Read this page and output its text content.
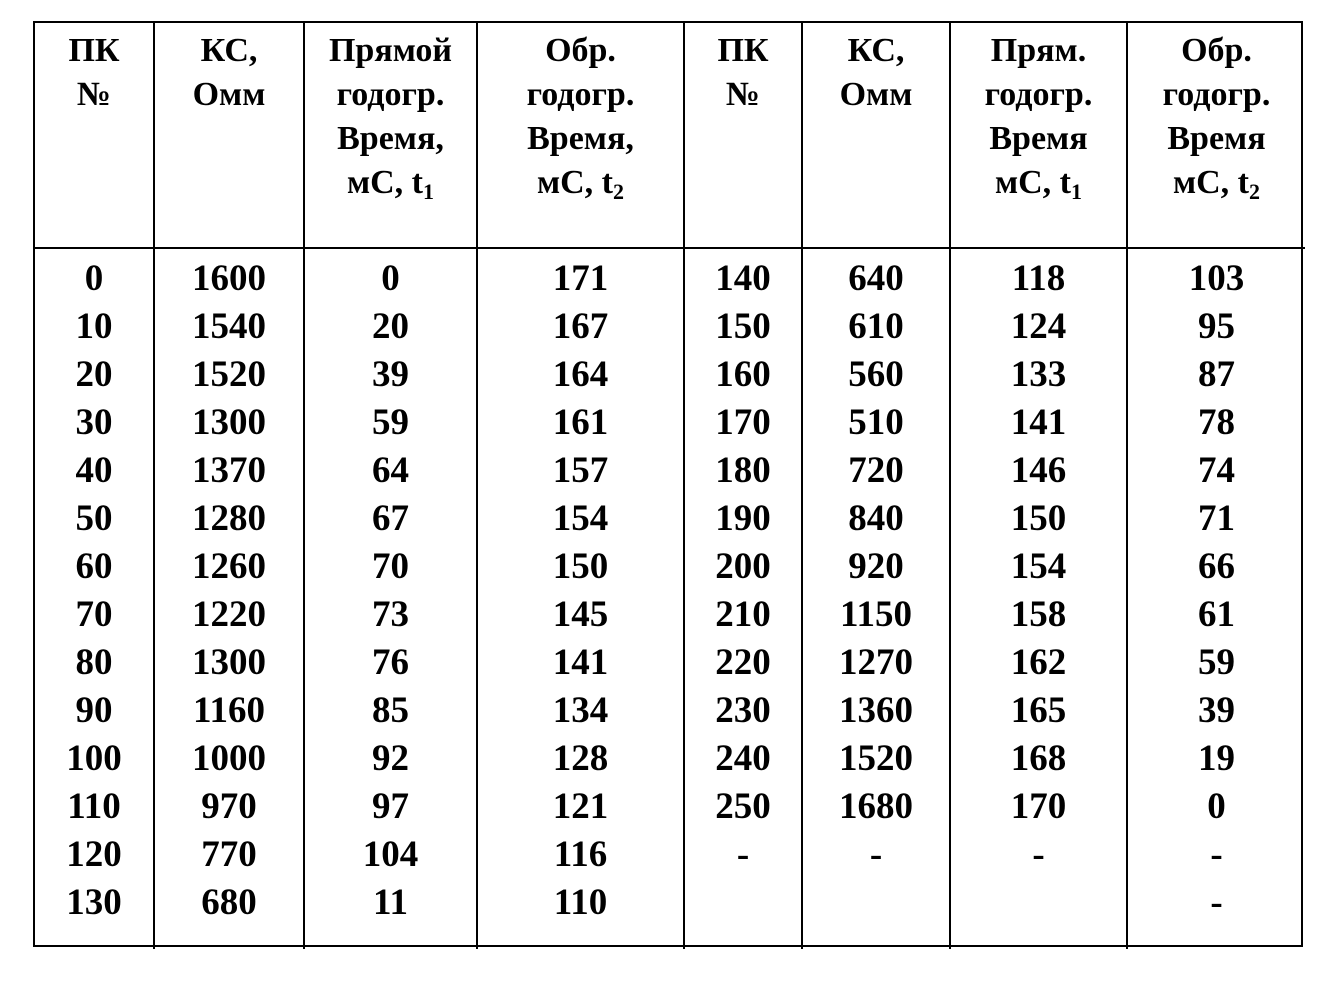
ПК
№
КС,
Омм
Прямой
годогр.
Время,
мС, $t_1$
Обр.
годогр.
Время,
мС, $t_2$
ПК
№
КС,
Омм
Прям.
годогр.
Время
мС, $t_1$
Обр.
годогр.
Время
мС, $t_2$
0
10
20
30
40
50
60
70
80
90
100
110
120
130
1600
1540
1520
1300
1370
1280
1260
1220
1300
1160
1000
970
770
680
0
20
39
59
64
67
70
73
76
85
92
97
104
11
171
167
164
161
157
154
150
145
141
134
128
121
116
110
140
150
160
170
180
190
200
210
220
230
240
250
-
640
610
560
510
720
840
920
1150
1270
1360
1520
1680
-
118
124
133
141
146
150
154
158
162
165
168
170
-
103
95
87
78
74
71
66
61
59
39
19
0
-
-
